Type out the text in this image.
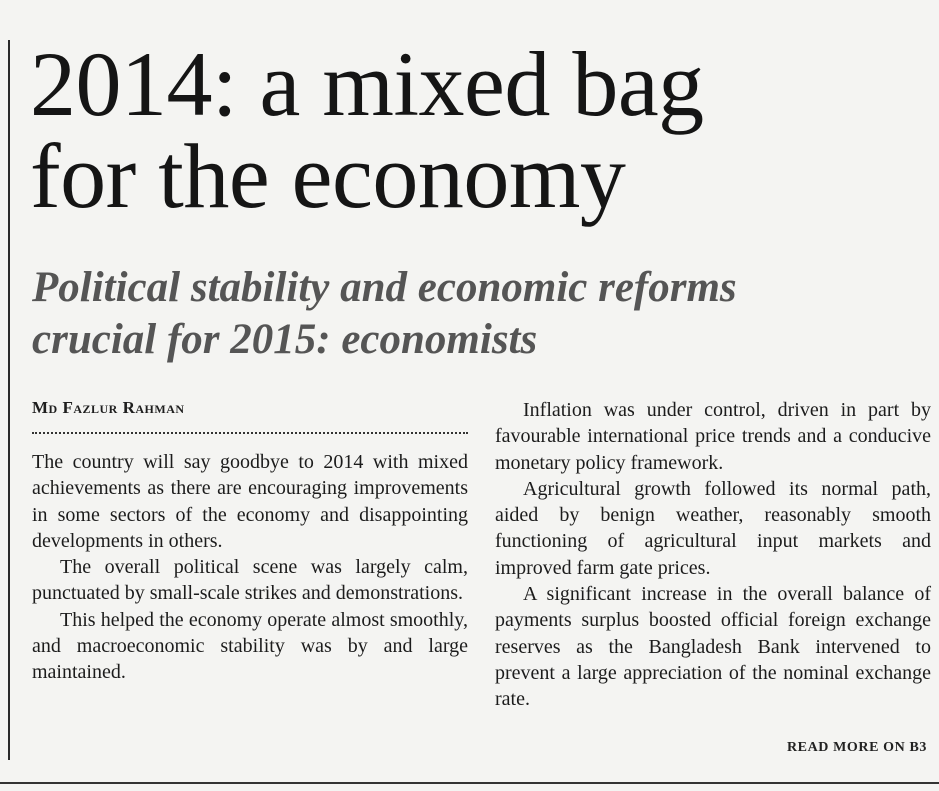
2014: a mixed bag
for the economy
Political stability and economic reforms
crucial for 2015: economists
Md Fazlur Rahman

The country will say goodbye to 2014 with mixed achievements as there are encouraging improvements in some sectors of the economy and disappointing developments in others.

The overall political scene was largely calm, punctuated by small-scale strikes and demonstrations.

This helped the economy operate almost smoothly, and macroeconomic stability was by and large maintained.

Inflation was under control, driven in part by favourable international price trends and a conducive monetary policy framework.

Agricultural growth followed its normal path, aided by benign weather, reasonably smooth functioning of agricultural input markets and improved farm gate prices.

A significant increase in the overall balance of payments surplus boosted official foreign exchange reserves as the Bangladesh Bank intervened to prevent a large appreciation of the nominal exchange rate.

READ MORE ON B3
